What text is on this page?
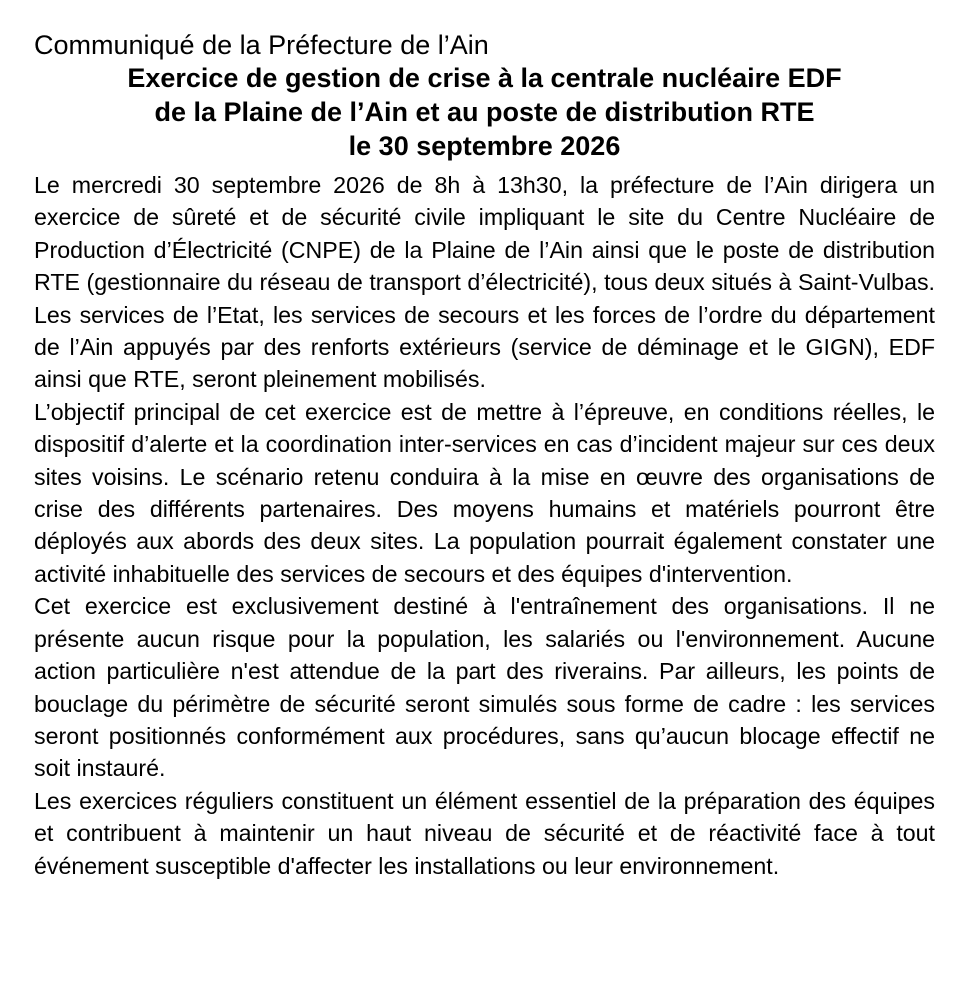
Communiqué de la Préfecture de l’Ain

Exercice de gestion de crise à la centrale nucléaire EDF
de la Plaine de l’Ain et au poste de distribution RTE
le 30 septembre 2026

Le mercredi 30 septembre 2026 de 8h à 13h30, la préfecture de l’Ain dirigera un exercice de sûreté et de sécurité civile impliquant le site du Centre Nucléaire de Production d’Électricité (CNPE) de la Plaine de l’Ain ainsi que le poste de distribution RTE (gestionnaire du réseau de transport d’électricité), tous deux situés à Saint-Vulbas. Les services de l’Etat, les services de secours et les forces de l’ordre du département de l’Ain appuyés par des renforts extérieurs (service de déminage et le GIGN), EDF ainsi que RTE, seront pleinement mobilisés.

L’objectif principal de cet exercice est de mettre à l’épreuve, en conditions réelles, le dispositif d’alerte et la coordination inter-services en cas d’incident majeur sur ces deux sites voisins. Le scénario retenu conduira à la mise en œuvre des organisations de crise des différents partenaires. Des moyens humains et matériels pourront être déployés aux abords des deux sites. La population pourrait également constater une activité inhabituelle des services de secours et des équipes d'intervention.

Cet exercice est exclusivement destiné à l'entraînement des organisations. Il ne présente aucun risque pour la population, les salariés ou l'environnement. Aucune action particulière n'est attendue de la part des riverains. Par ailleurs, les points de bouclage du périmètre de sécurité seront simulés sous forme de cadre : les services seront positionnés conformément aux procédures, sans qu’aucun blocage effectif ne soit instauré.

Les exercices réguliers constituent un élément essentiel de la préparation des équipes et contribuent à maintenir un haut niveau de sécurité et de réactivité face à tout événement susceptible d'affecter les installations ou leur environnement.
